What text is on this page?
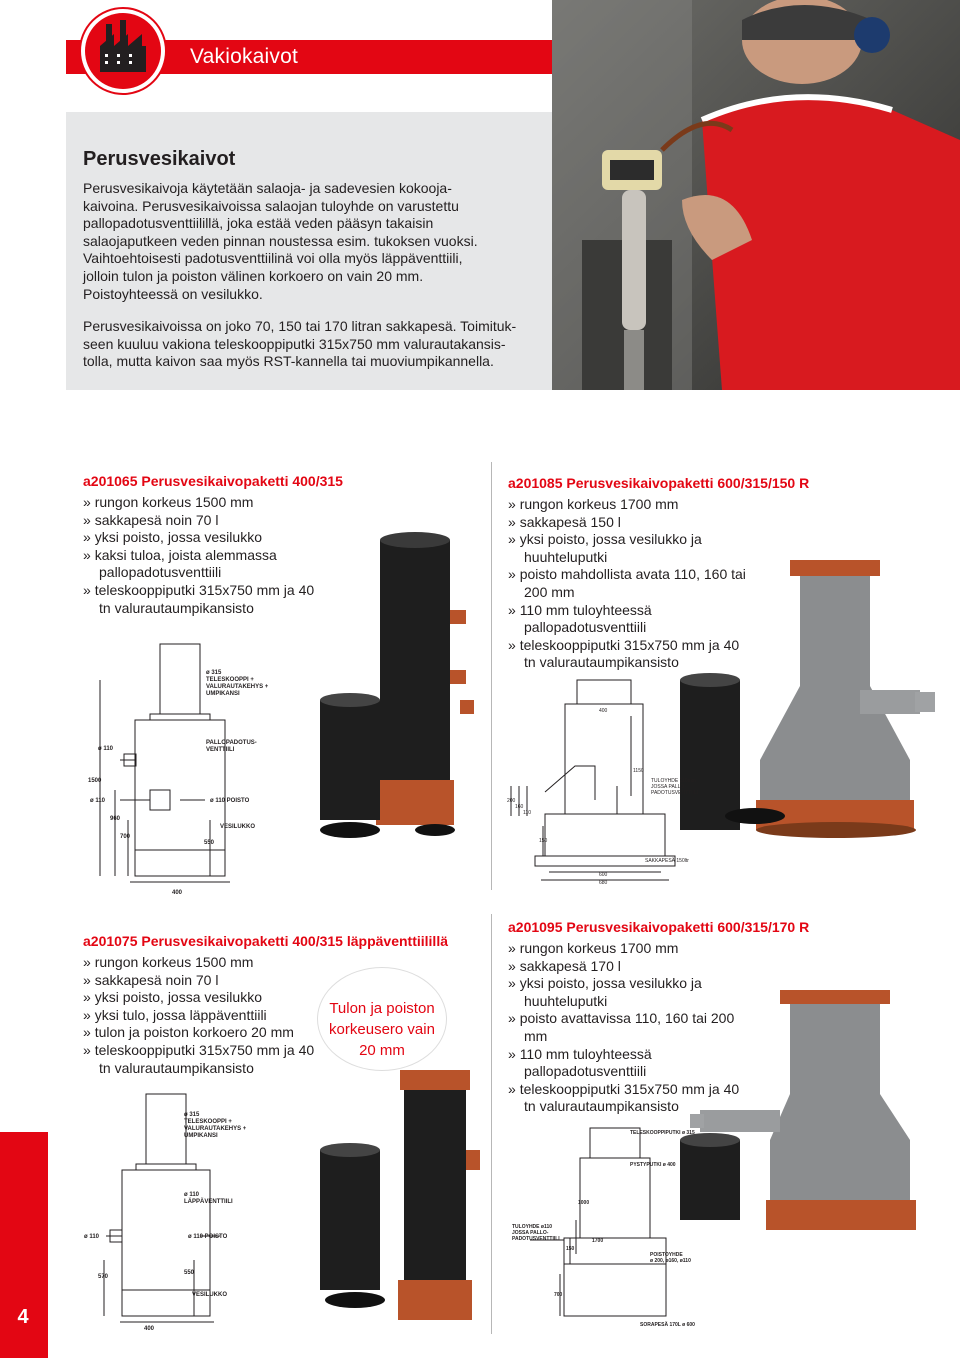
Vakiokaivot
Perusvesikaivot
Perusvesikaivoja käytetään salaoja- ja sadevesien kokooja-
kaivoina. Perusvesikaivoissa salaojan tuloyhde on varustettu
pallopadotusventtiilillä, joka estää veden pääsyn takaisin
salaojaputkeen veden pinnan noustessa esim. tukoksen vuoksi.
Vaihtoehtoisesti padotusventtiilinä voi olla myös läppäventtiili,
jolloin tulon ja poiston välinen korkoero on vain 20 mm.
Poistoyhteessä on vesilukko.
Perusvesikaivoissa on joko 70, 150 tai 170 litran sakkapesä. Toimituk-
seen kuuluu vakiona teleskooppiputki 315x750 mm valurautakansis-
tolla, mutta kaivon saa myös RST-kannella tai muoviumpikannella.
a201065 Perusvesikaivopaketti 400/315
» rungon korkeus 1500 mm
» sakkapesä noin 70 l
» yksi poisto, jossa vesilukko
» kaksi tuloa, joista alemmassa pallopadotusventtiili
» teleskooppiputki 315x750 mm ja 40 tn valurautaumpikansisto
ø 315
TELESKOOPPI +
VALURAUTAKEHYS +
UMPIKANSI
ø 110
PALLOPADOTUS-
VENTTIILI
ø 110	ø 110 POISTO
VESILUKKO
1500
960
700
550
400
a201085 Perusvesikaivopaketti 600/315/150 R
» rungon korkeus 1700 mm
» sakkapesä 150 l
» yksi poisto, jossa vesilukko ja huuhteluputki
» poisto mahdollista avata 110, 160 tai 200 mm
» 110 mm tuloyhteessä pallopadotusventtiili
» teleskooppiputki 315x750 mm ja 40 tn valurautaumpikansisto
400
1150
TULOYHDE 110mm
JOSSA PALLO-
PADOTUSVENTTIILI
200
160
110
150
SAKKAPESÄ 150ltr
600
680
a201075 Perusvesikaivopaketti 400/315 läppäventtiilillä
» rungon korkeus 1500 mm
» sakkapesä noin 70 l
» yksi poisto, jossa vesilukko
» yksi tulo, jossa läppäventtiili
» tulon ja poiston korkoero 20 mm
» teleskooppiputki 315x750 mm ja 40 tn valurautaumpikansisto
Tulon ja poiston
korkeusero vain
20 mm
ø 315
TELESKOOPPI +
VALURAUTAKEHYS +
UMPIKANSI
ø 110
LÄPPÄVENTTIILI
ø 110	ø 110 POISTO
570
550
VESILUKKO
400
a201095 Perusvesikaivopaketti 600/315/170 R
» rungon korkeus 1700 mm
» sakkapesä 170 l
» yksi poisto, jossa vesilukko ja huuhteluputki
» poisto avattavissa 110, 160 tai 200 mm
» 110 mm tuloyhteessä pallopadotusventtiili
» teleskooppiputki 315x750 mm ja 40 tn valurautaumpikansisto
TELESKOOPPIPUTKI ø 315
PYSTYPUTKI ø 400
1000
TULOYHDE ø110
JOSSA PALLO-
PADOTUSVENTTIILI
150
1700
POISTOYHDE
ø 200, ø160, ø110
700
SORAPESÄ 170L ø 600
4
